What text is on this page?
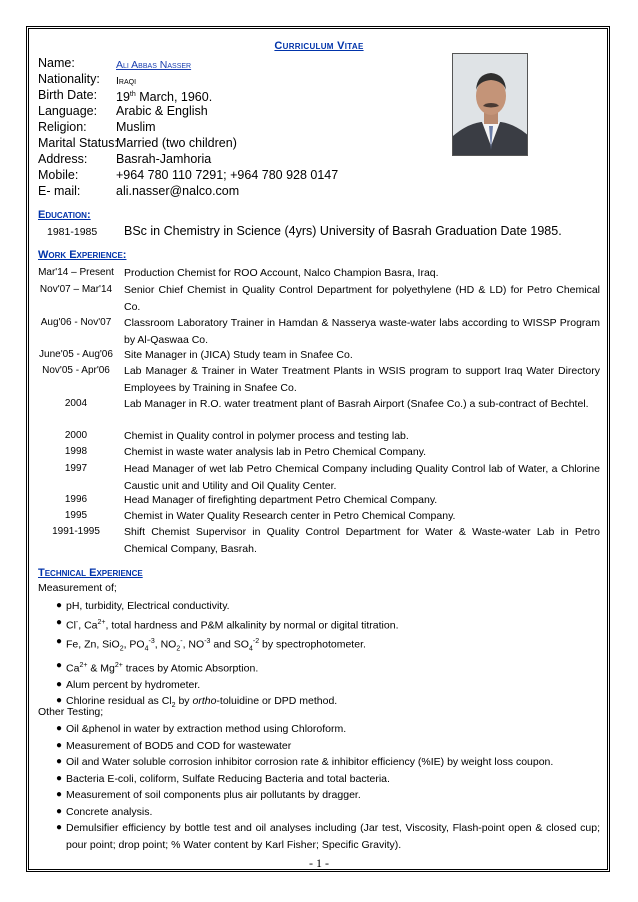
Curriculum Vitae
Name:	Ali Abbas Nasser
Nationality: Iraqi
Birth Date: 19th March, 1960.
Language: Arabic & English
Religion: Muslim
Marital Status:
Married (two children)
Address: Basrah-Jamhoria
Mobile:	+964 780 110 7291; +964 780 928 0147
E- mail:	ali.nasser@nalco.com
Education:
1981-1985 BSc in Chemistry in Science (4yrs) University of Basrah Graduation Date 1985.
Work Experience:
Mar'14 – Present Production Chemist for ROO Account, Nalco Champion Basra, Iraq.
Nov'07 – Mar'14	Senior Chief Chemist in Quality Control Department for polyethylene (HD & LD) for Petro Chemical Co.
Aug'06 - Nov'07	Classroom Laboratory Trainer in Hamdan & Nasserya waste-water labs according to WISSP Program by Al-Qaswaa Co.
June'05 - Aug'06	Site Manager in (JICA) Study team in Snafee Co.
Nov'05 - Apr'06	Lab Manager & Trainer in Water Treatment Plants in WSIS program to support Iraq Water Directory Employees by Training in Snafee Co.
2004	Lab Manager in R.O. water treatment plant of Basrah Airport (Snafee Co.) a sub-contract of Bechtel.
2000	Chemist in Quality control in polymer process and testing lab.
1998	Chemist in waste water analysis lab in Petro Chemical Company.
1997	Head Manager of wet lab Petro Chemical Company including Quality Control lab of Water, a Chlorine Caustic unit and Utility and Oil Quality Center.
1996	Head Manager of firefighting department Petro Chemical Company.
1995	Chemist in Water Quality Research center in Petro Chemical Company.
1991-1995	Shift Chemist Supervisor in Quality Control Department for Water & Waste-water Lab in Petro Chemical Company, Basrah.
Technical Experience
Measurement of;
● pH, turbidity, Electrical conductivity.
● Cl-, $Ca^{2+}$, total hardness and P&M alkalinity by normal or digital titration.
● Fe, Zn, SiO$_2$, $PO_4^{-3}$, $NO_2^-$, $NO^{-3}$ and $SO_4^{-2}$ by spectrophotometer.
● $Ca^{2+}$ & $Mg^{2+}$ traces by Atomic Absorption.
● Alum percent by hydrometer.
● Chlorine residual as $Cl_2$ by ortho-toluidine or DPD method.
Other Testing;
● Oil &phenol in water by extraction method using Chloroform.
● Measurement of BOD5 and COD for wastewater
● Oil and Water soluble corrosion inhibitor corrosion rate & inhibitor efficiency (%IE) by weight loss coupon.
● Bacteria E-coli, coliform, Sulfate Reducing Bacteria and total bacteria.
● Measurement of soil components plus air pollutants by dragger.
● Concrete analysis.
● Demulsifier efficiency by bottle test and oil analyses including (Jar test, Viscosity, Flash-point open & closed cup; pour point; drop point; % Water content by Karl Fisher; Specific Gravity).
- 1 -
